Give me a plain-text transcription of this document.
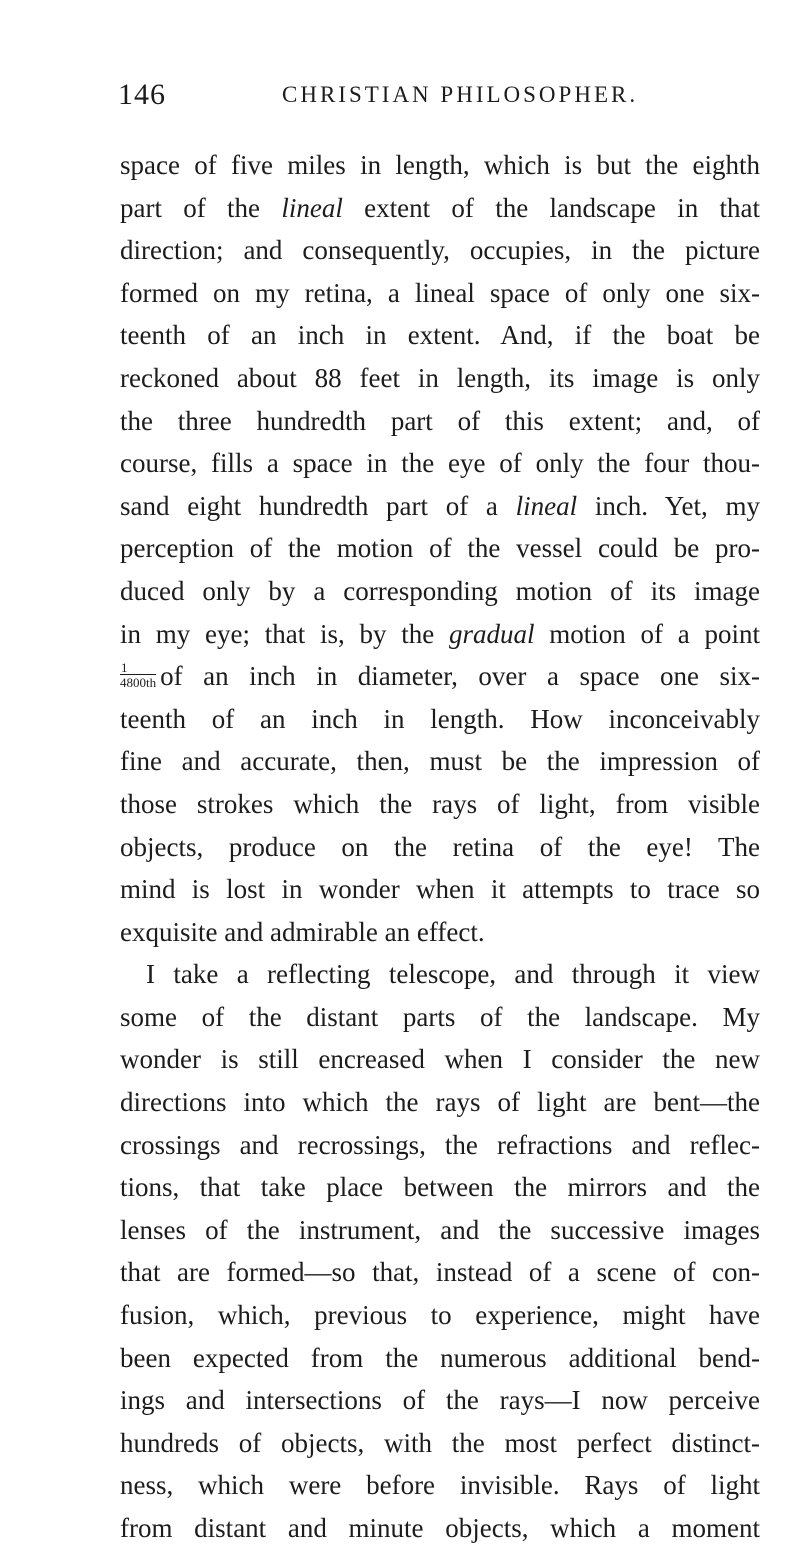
146	CHRISTIAN PHILOSOPHER.
space of five miles in length, which is but the eighth
part of the lineal extent of the landscape in that
direction; and consequently, occupies, in the picture
formed on my retina, a lineal space of only one six-
teenth of an inch in extent. And, if the boat be
reckoned about 88 feet in length, its image is only
the three hundredth part of this extent; and, of
course, fills a space in the eye of only the four thou-
sand eight hundredth part of a lineal inch. Yet, my
perception of the motion of the vessel could be pro-
duced only by a corresponding motion of its image
in my eye; that is, by the gradual motion of a point
$\frac{1}{4800th}$ of an inch in diameter, over a space one six-
teenth of an inch in length. How inconceivably
fine and accurate, then, must be the impression of
those strokes which the rays of light, from visible
objects, produce on the retina of the eye! The
mind is lost in wonder when it attempts to trace so
exquisite and admirable an effect.
I take a reflecting telescope, and through it view
some of the distant parts of the landscape. My
wonder is still encreased when I consider the new
directions into which the rays of light are bent—the
crossings and recrossings, the refractions and reflec-
tions, that take place between the mirrors and the
lenses of the instrument, and the successive images
that are formed—so that, instead of a scene of con-
fusion, which, previous to experience, might have
been expected from the numerous additional bend-
ings and intersections of the rays—I now perceive
hundreds of objects, with the most perfect distinct-
ness, which were before invisible. Rays of light
from distant and minute objects, which a moment
